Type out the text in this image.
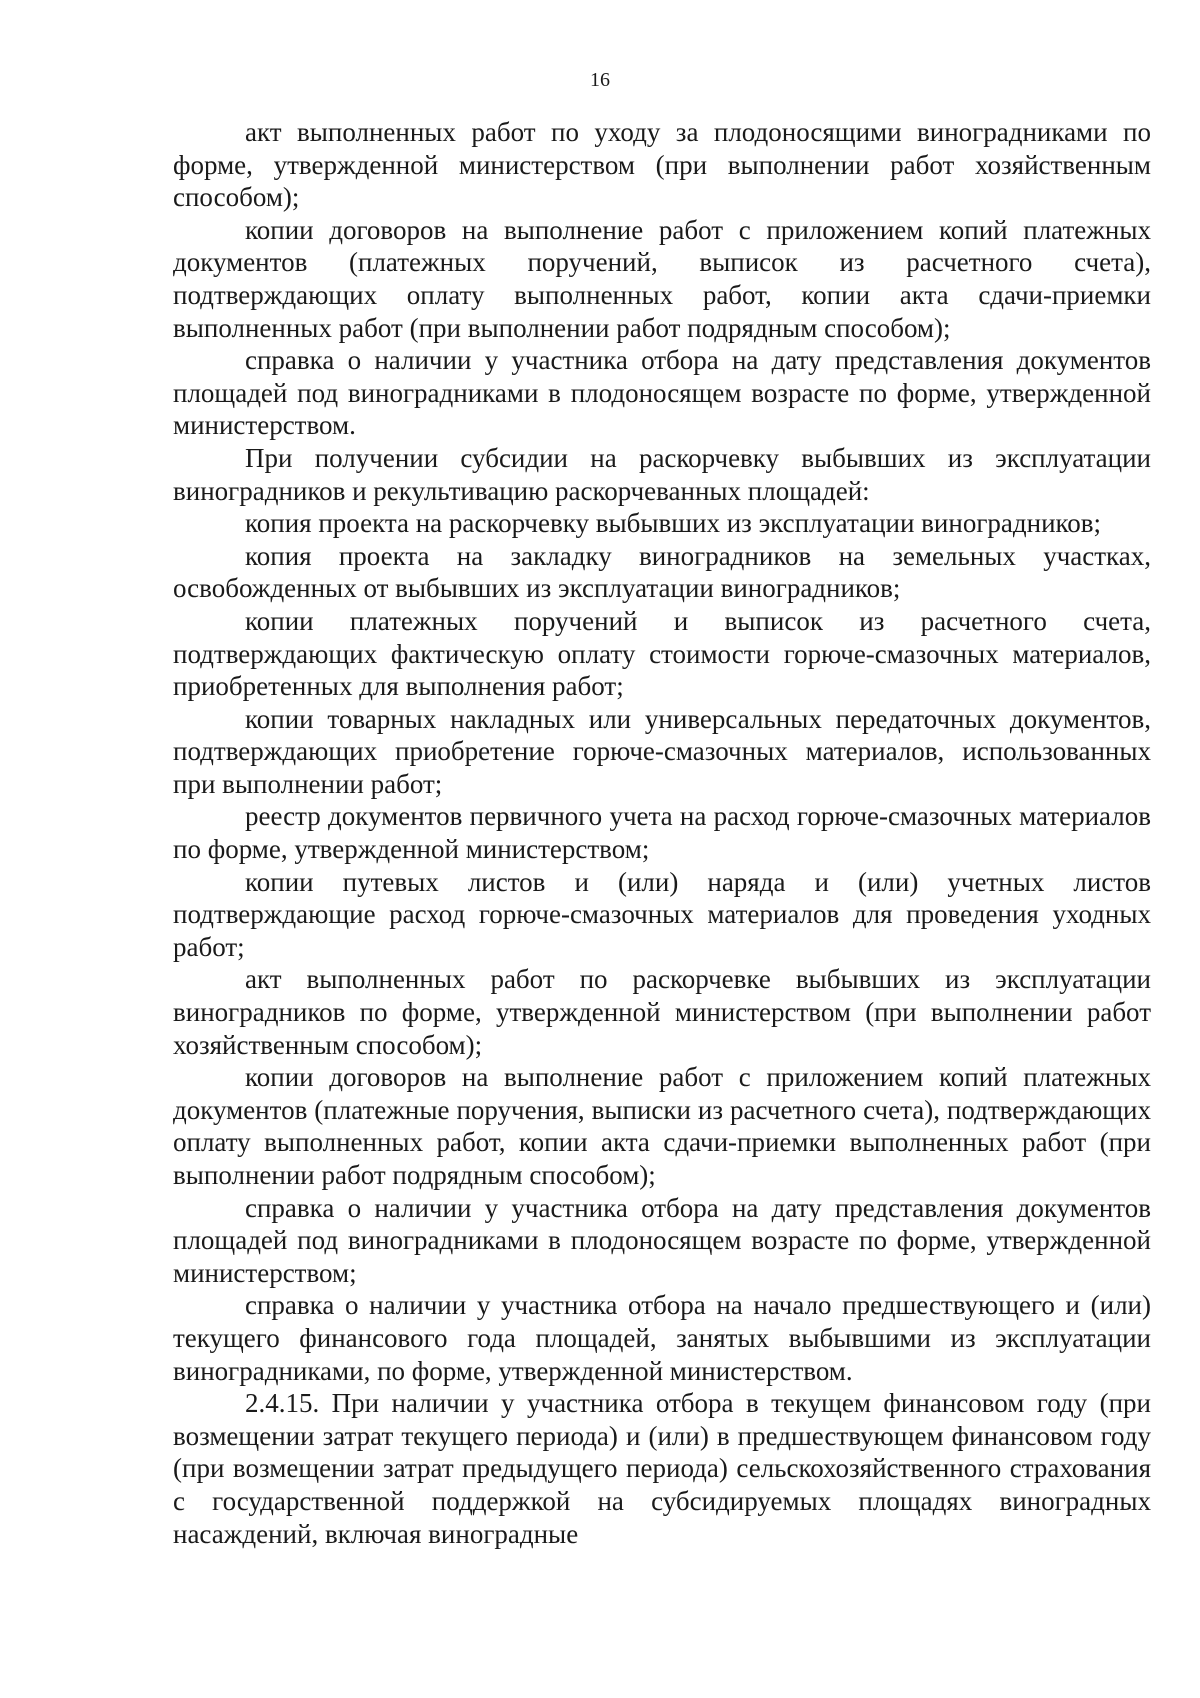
16

акт выполненных работ по уходу за плодоносящими виноградниками по форме, утвержденной министерством (при выполнении работ хозяйственным способом);

копии договоров на выполнение работ с приложением копий платежных документов (платежных поручений, выписок из расчетного счета), подтверждающих оплату выполненных работ, копии акта сдачи-приемки выполненных работ (при выполнении работ подрядным способом);

справка о наличии у участника отбора на дату представления документов площадей под виноградниками в плодоносящем возрасте по форме, утвержденной министерством.

При получении субсидии на раскорчевку выбывших из эксплуатации виноградников и рекультивацию раскорчеванных площадей:

копия проекта на раскорчевку выбывших из эксплуатации виноградников;

копия проекта на закладку виноградников на земельных участках, освобожденных от выбывших из эксплуатации виноградников;

копии платежных поручений и выписок из расчетного счета, подтверждающих фактическую оплату стоимости горюче-смазочных материалов, приобретенных для выполнения работ;

копии товарных накладных или универсальных передаточных документов, подтверждающих приобретение горюче-смазочных материалов, использованных при выполнении работ;

реестр документов первичного учета на расход горюче-смазочных материалов по форме, утвержденной министерством;

копии путевых листов и (или) наряда и (или) учетных листов подтверждающие расход горюче-смазочных материалов для проведения уходных работ;

акт выполненных работ по раскорчевке выбывших из эксплуатации виноградников по форме, утвержденной министерством (при выполнении работ хозяйственным способом);

копии договоров на выполнение работ с приложением копий платежных документов (платежные поручения, выписки из расчетного счета), подтверждающих оплату выполненных работ, копии акта сдачи-приемки выполненных работ (при выполнении работ подрядным способом);

справка о наличии у участника отбора на дату представления документов площадей под виноградниками в плодоносящем возрасте по форме, утвержденной министерством;

справка о наличии у участника отбора на начало предшествующего и (или) текущего финансового года площадей, занятых выбывшими из эксплуатации виноградниками, по форме, утвержденной министерством.

2.4.15. При наличии у участника отбора в текущем финансовом году (при возмещении затрат текущего периода) и (или) в предшествующем финансовом году (при возмещении затрат предыдущего периода) сельскохозяйственного страхования с государственной поддержкой на субсидируемых площадях виноградных насаждений, включая виноградные
